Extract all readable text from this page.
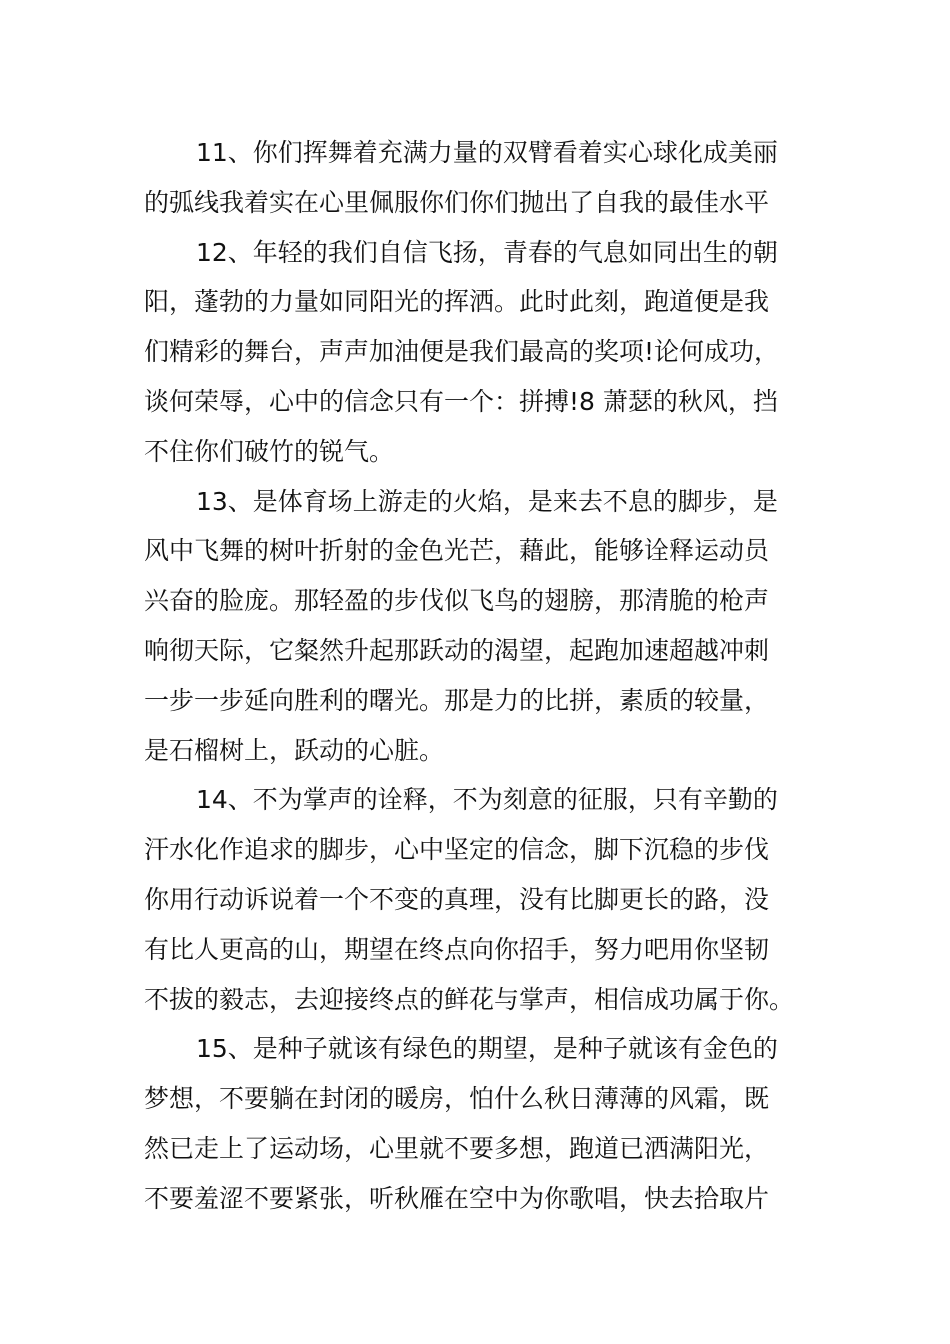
11、你们挥舞着充满力量的双臂看着实心球化成美丽
的弧线我着实在心里佩服你们你们抛出了自我的最佳水平
12、年轻的我们自信飞扬，青春的气息如同出生的朝
阳，蓬勃的力量如同阳光的挥洒。此时此刻，跑道便是我
们精彩的舞台，声声加油便是我们最高的奖项!论何成功，
谈何荣辱，心中的信念只有一个：拼搏!8 萧瑟的秋风，挡
不住你们破竹的锐气。
13、是体育场上游走的火焰，是来去不息的脚步，是
风中飞舞的树叶折射的金色光芒，藉此，能够诠释运动员
兴奋的脸庞。那轻盈的步伐似飞鸟的翅膀，那清脆的枪声
响彻天际，它粲然升起那跃动的渴望，起跑加速超越冲刺
一步一步延向胜利的曙光。那是力的比拼，素质的较量，
是石榴树上，跃动的心脏。
14、不为掌声的诠释，不为刻意的征服，只有辛勤的
汗水化作追求的脚步，心中坚定的信念，脚下沉稳的步伐
你用行动诉说着一个不变的真理，没有比脚更长的路，没
有比人更高的山，期望在终点向你招手，努力吧用你坚韧
不拔的毅志，去迎接终点的鲜花与掌声，相信成功属于你。
15、是种子就该有绿色的期望，是种子就该有金色的
梦想，不要躺在封闭的暖房，怕什么秋日薄薄的风霜，既
然已走上了运动场，心里就不要多想，跑道已洒满阳光，
不要羞涩不要紧张，听秋雁在空中为你歌唱，快去拾取片
